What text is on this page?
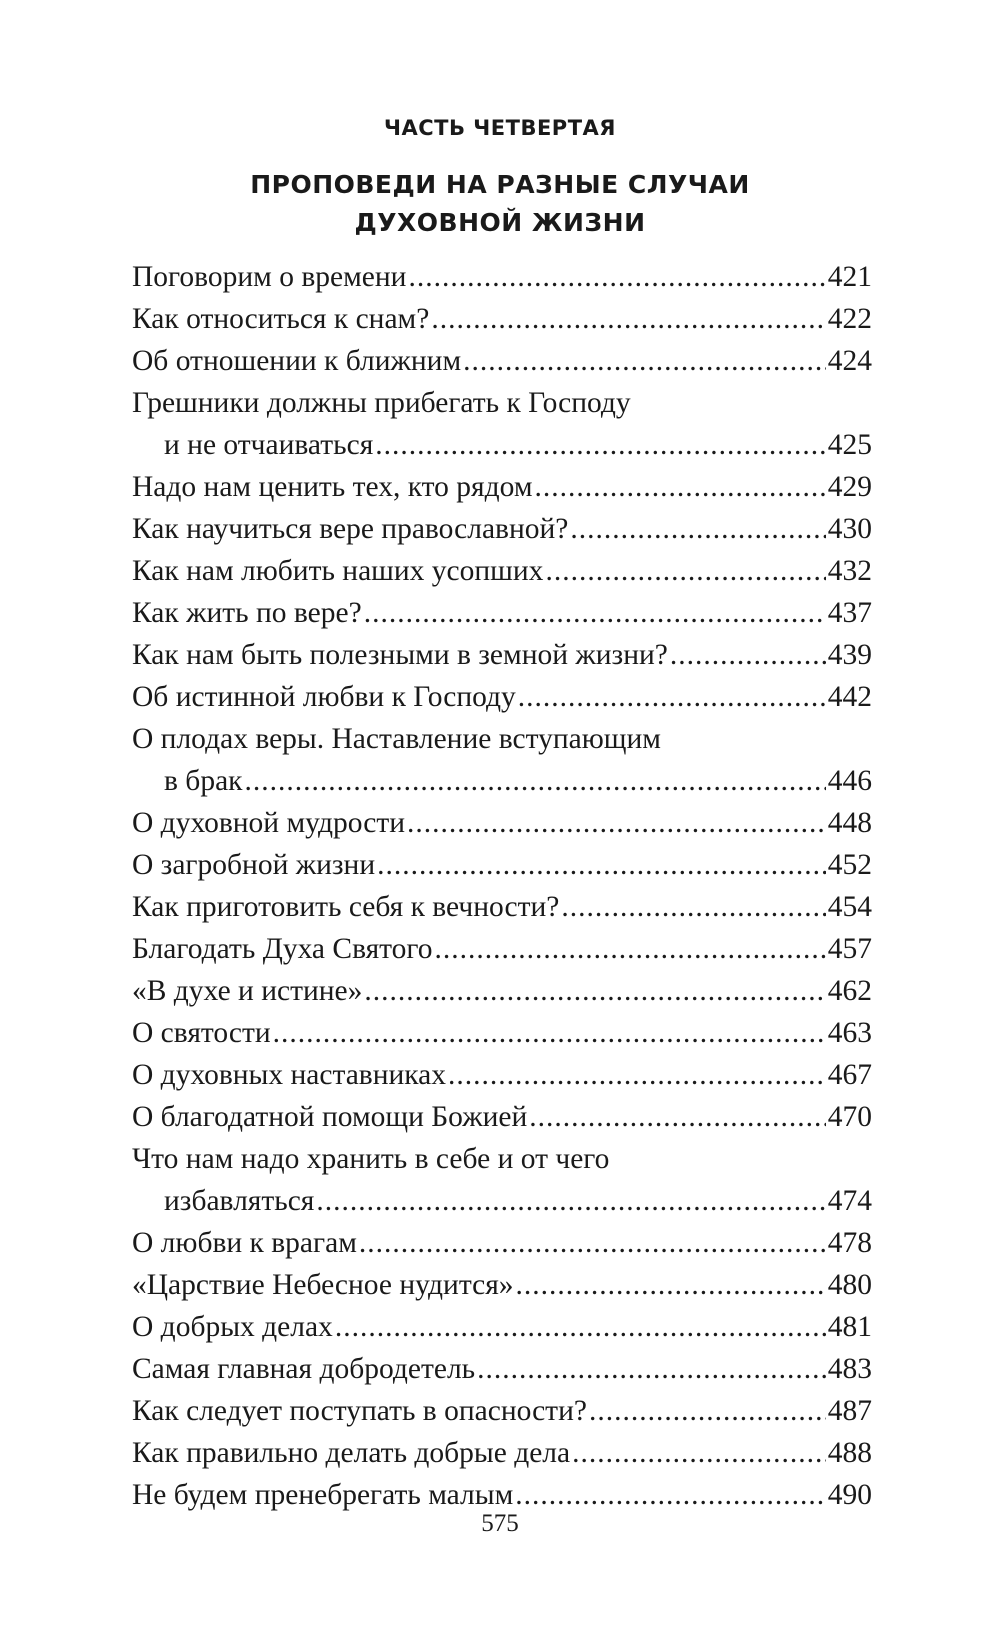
ЧАСТЬ ЧЕТВЕРТАЯ
ПРОПОВЕДИ НА РАЗНЫЕ СЛУЧАИ
ДУХОВНОЙ ЖИЗНИ
Поговорим о времени .....	421
Как относиться к снам? .....	422
Об отношении к ближним .....	424
Грешники должны прибегать к Господу
и не отчаиваться .....	425
Надо нам ценить тех, кто рядом .....	429
Как научиться вере православной? .....	430
Как нам любить наших усопших .....	432
Как жить по вере? .....	437
Как нам быть полезными в земной жизни? .....	439
Об истинной любви к Господу .....	442
О плодах веры. Наставление вступающим
в брак .....	446
О духовной мудрости .....	448
О загробной жизни .....	452
Как приготовить себя к вечности? .....	454
Благодать Духа Святого .....	457
«В духе и истине» .....	462
О святости .....	463
О духовных наставниках .....	467
О благодатной помощи Божией .....	470
Что нам надо хранить в себе и от чего
избавляться .....	474
О любви к врагам .....	478
«Царствие Небесное нудится» .....	480
О добрых делах .....	481
Самая главная добродетель .....	483
Как следует поступать в опасности? .....	487
Как правильно делать добрые дела .....	488
Не будем пренебрегать малым .....	490
575
